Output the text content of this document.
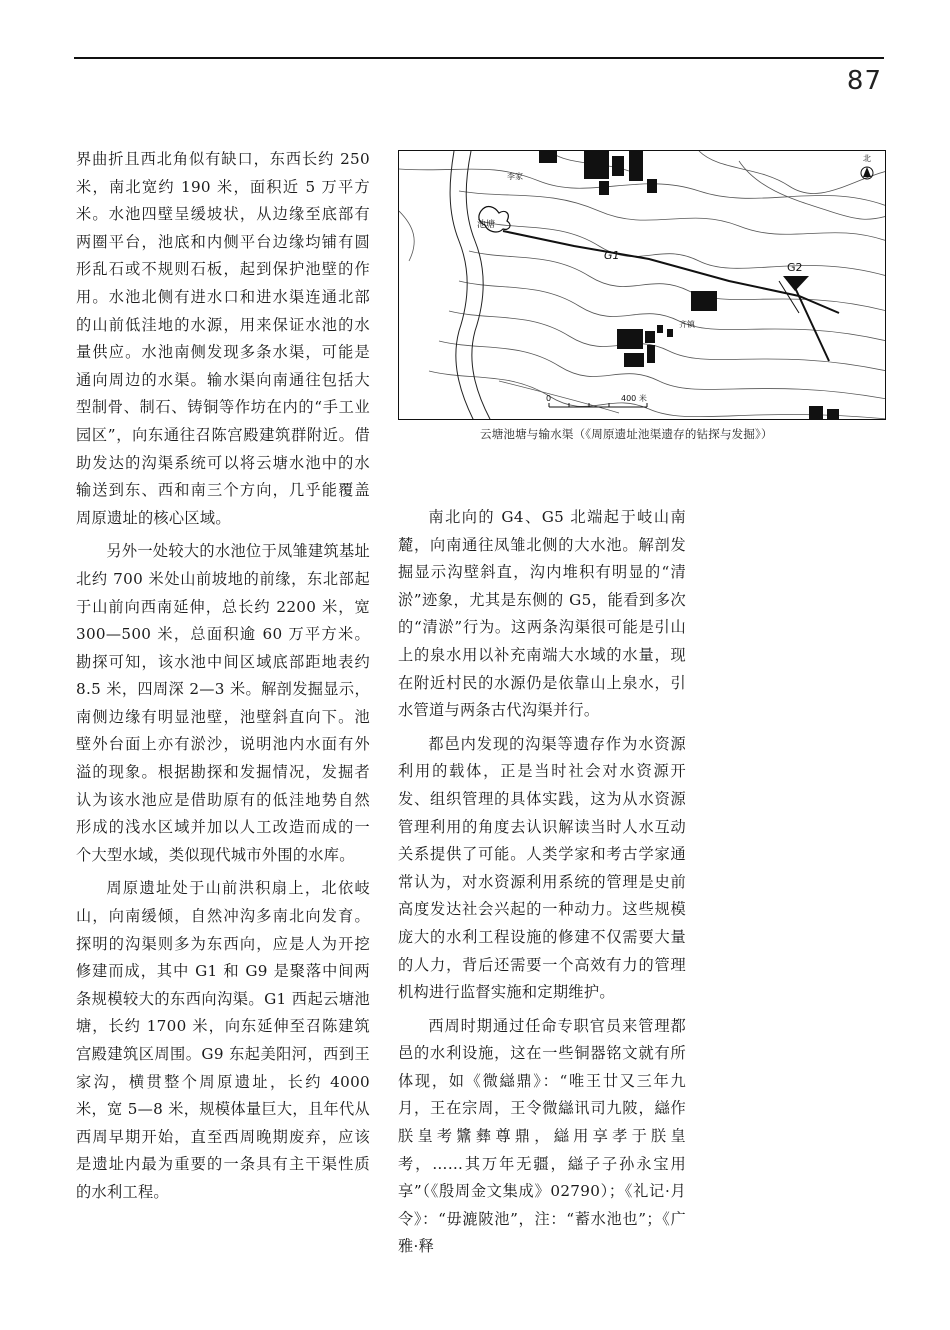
87

界曲折且西北角似有缺口，东西长约 250 米，南北宽约 190 米，面积近 5 万平方米。水池四壁呈缓坡状，从边缘至底部有两圈平台，池底和内侧平台边缘均铺有圆形乱石或不规则石板，起到保护池壁的作用。水池北侧有进水口和进水渠连通北部的山前低洼地的水源，用来保证水池的水量供应。水池南侧发现多条水渠，可能是通向周边的水渠。输水渠向南通往包括大型制骨、制石、铸铜等作坊在内的“手工业园区”，向东通往召陈宫殿建筑群附近。借助发达的沟渠系统可以将云塘水池中的水输送到东、西和南三个方向，几乎能覆盖周原遗址的核心区域。

另外一处较大的水池位于凤雏建筑基址北约 700 米处山前坡地的前缘，东北部起于山前向西南延伸，总长约 2200 米，宽 300—500 米，总面积逾 60 万平方米。勘探可知，该水池中间区域底部距地表约 8.5 米，四周深 2—3 米。解剖发掘显示，南侧边缘有明显池壁，池壁斜直向下。池壁外台面上亦有淤沙，说明池内水面有外溢的现象。根据勘探和发掘情况，发掘者认为该水池应是借助原有的低洼地势自然形成的浅水区域并加以人工改造而成的一个大型水域，类似现代城市外围的水库。

周原遗址处于山前洪积扇上，北依岐山，向南缓倾，自然冲沟多南北向发育。探明的沟渠则多为东西向，应是人为开挖修建而成，其中 G1 和 G9 是聚落中间两条规模较大的东西向沟渠。G1 西起云塘池塘，长约 1700 米，向东延伸至召陈建筑宫殿建筑区周围。G9 东起美阳河，西到王家沟，横贯整个周原遗址，长约 4000 米，宽 5—8 米，规模体量巨大，且年代从西周早期开始，直至西周晚期废弃，应该是遗址内最为重要的一条具有主干渠性质的水利工程。

北
李家
池塘
G1
G2
齐镇
0	400 米
云塘池塘与输水渠（《周原遗址池渠遗存的钻探与发掘》）

南北向的 G4、G5 北端起于岐山南麓，向南通往凤雏北侧的大水池。解剖发掘显示沟壁斜直，沟内堆积有明显的“清淤”迹象，尤其是东侧的 G5，能看到多次的“清淤”行为。这两条沟渠很可能是引山上的泉水用以补充南端大水域的水量，现在附近村民的水源仍是依靠山上泉水，引水管道与两条古代沟渠并行。

都邑内发现的沟渠等遗存作为水资源利用的载体，正是当时社会对水资源开发、组织管理的具体实践，这为从水资源管理利用的角度去认识解读当时人水互动关系提供了可能。人类学家和考古学家通常认为，对水资源利用系统的管理是史前高度发达社会兴起的一种动力。这些规模庞大的水利工程设施的修建不仅需要大量的人力，背后还需要一个高效有力的管理机构进行监督实施和定期维护。

西周时期通过任命专职官员来管理都邑的水利设施，这在一些铜器铭文就有所体现，如《微䜌鼎》：“唯王廿又三年九月，王在宗周，王令微䜌讯司九陂，䜌作朕皇考䵼彝尊鼎，䜌用享孝于朕皇考，……其万年无疆，䜌子子孙永宝用享”（《殷周金文集成》02790）；《礼记·月令》：“毋漉陂池”，注：“蓄水池也”；《广雅·释
